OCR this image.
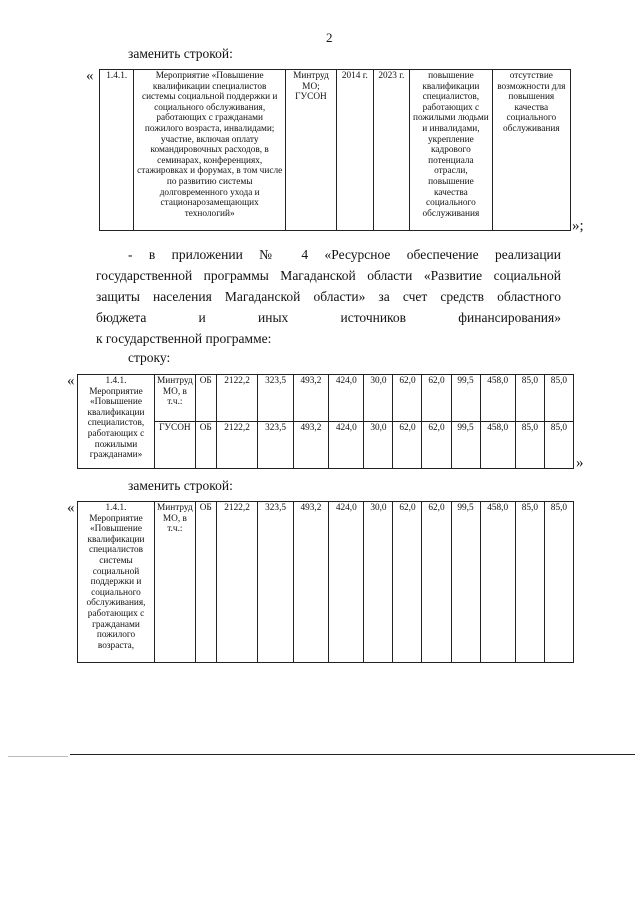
2
заменить строкой:
« 1.4.1.	Мероприятие «Повышение квалификации специалистов системы социальной поддержки и социального обслуживания, работающих с гражданами пожилого возраста, инвалидами; участие, включая оплату командировочных расходов, в семинарах, конференциях, стажировках и форумах, в том числе по развитию системы долговременного ухода и стационарозамещающих технологий»	Минтруд МО; ГУСОН	2014 г.	2023 г.	повышение квалификации специалистов, работающих с пожилыми людьми и инвалидами, укрепление кадрового потенциала отрасли, повышение качества социального обслуживания	отсутствие возможности для повышения качества социального обслуживания
»;
- в приложении № 4 «Ресурсное обеспечение реализации
государственной программы Магаданской области «Развитие социальной
защиты населения Магаданской области» за счет средств областного
бюджета и иных источников финансирования»
к государственной программе:
строку:
«	1.4.1. Мероприятие «Повышение квалификации специалистов, работающих с пожилыми гражданами»	Минтруд МО, в т.ч.:	ОБ	2122,2	323,5	493,2	424,0	30,0	62,0	62,0	99,5	458,0	85,0	85,0
	ГУСОН	ОБ	2122,2	323,5	493,2	424,0	30,0	62,0	62,0	99,5	458,0	85,0	85,0
»
заменить строкой:
«	1.4.1. Мероприятие «Повышение квалификации специалистов системы социальной поддержки и социального обслуживания, работающих с гражданами пожилого возраста,	Минтруд МО, в т.ч.:	ОБ	2122,2	323,5	493,2	424,0	30,0	62,0	62,0	99,5	458,0	85,0	85,0
